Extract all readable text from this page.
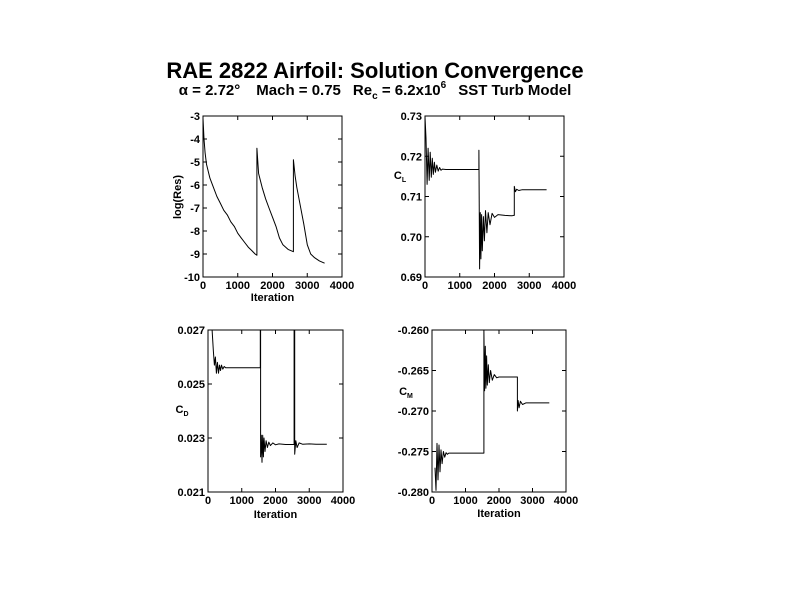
RAE 2822 Airfoil: Solution Convergence
α = 2.72° Mach = 0.75 $Re_c = 6.2x10^6$ SST Turb Model
0 1000 2000 3000 4000
-3
-4
-5
-6
-7
-8
-9
-10
Iteration
log(Res)
0 1000 2000 3000 4000
0.73
0.72
0.71
0.70
0.69
$C_L$
0 1000 2000 3000 4000
0.027
0.025
0.023
0.021
Iteration
$C_D$
0 1000 2000 3000 4000
-0.260
-0.265
-0.270
-0.275
-0.280
Iteration
$C_M$
